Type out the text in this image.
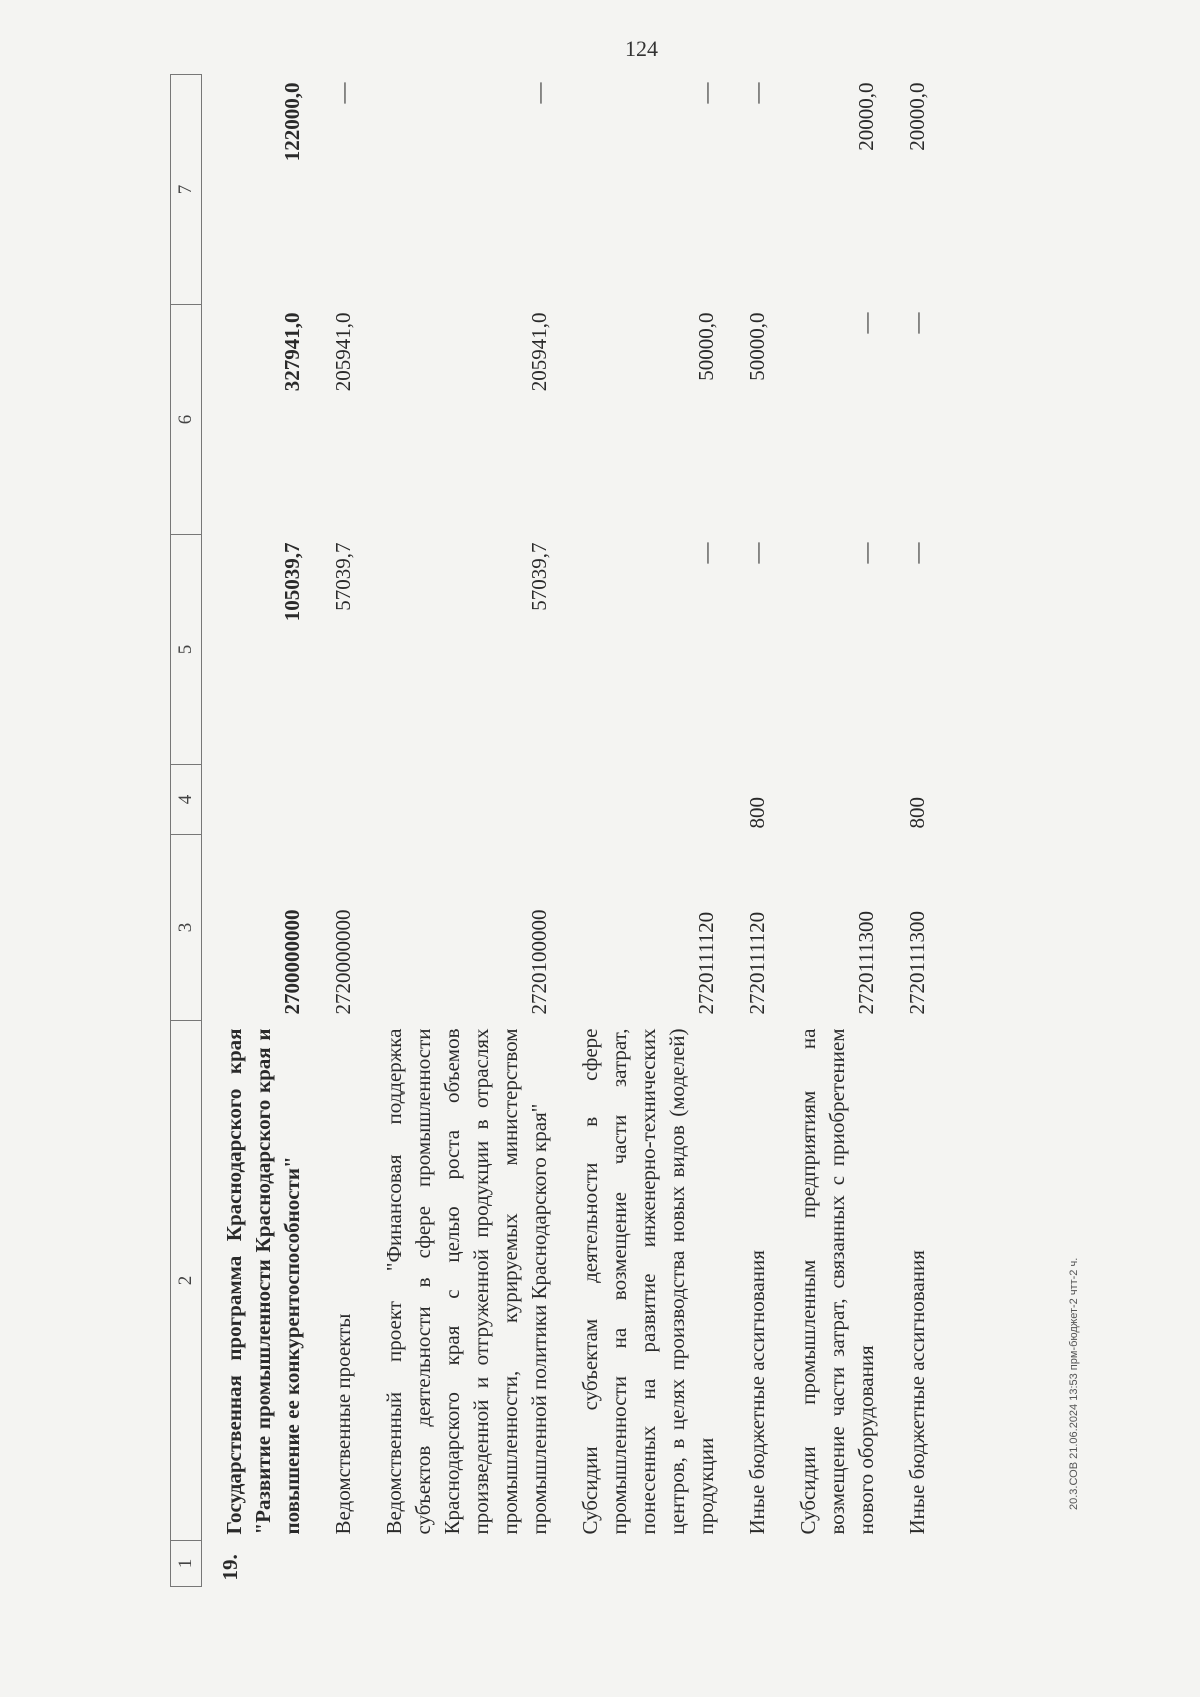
124
1	2	3	4	5	6	7
19.	Государственная программа Краснодарского края "Развитие промышленности Краснодарского края и повышение ее конкурентоспособности"	2700000000		105039,7	327941,0	122000,0
	Ведомственные проекты	2720000000		57039,7	205941,0	—
	Ведомственный проект "Финансовая поддержка субъектов деятельности в сфере промышленности Краснодарского края с целью роста объемов произведенной и отгруженной продукции в отраслях промышленности, курируемых министерством промышленной политики Краснодарского края"	2720100000		57039,7	205941,0	—
	Субсидии субъектам деятельности в сфере промышленности на возмещение части затрат, понесенных на развитие инженерно-технических центров, в целях производства новых видов (моделей) продукции	2720111120		—	50000,0	—
	Иные бюджетные ассигнования	2720111120	800	—	50000,0	—
	Субсидии промышленным предприятиям на возмещение части затрат, связанных с приобретением нового оборудования	2720111300		—	—	20000,0
	Иные бюджетные ассигнования	2720111300	800	—	—	20000,0
20.3.СОВ 21.06.2024 13:53 прм-бюджет-2 чтт-2 ч.
